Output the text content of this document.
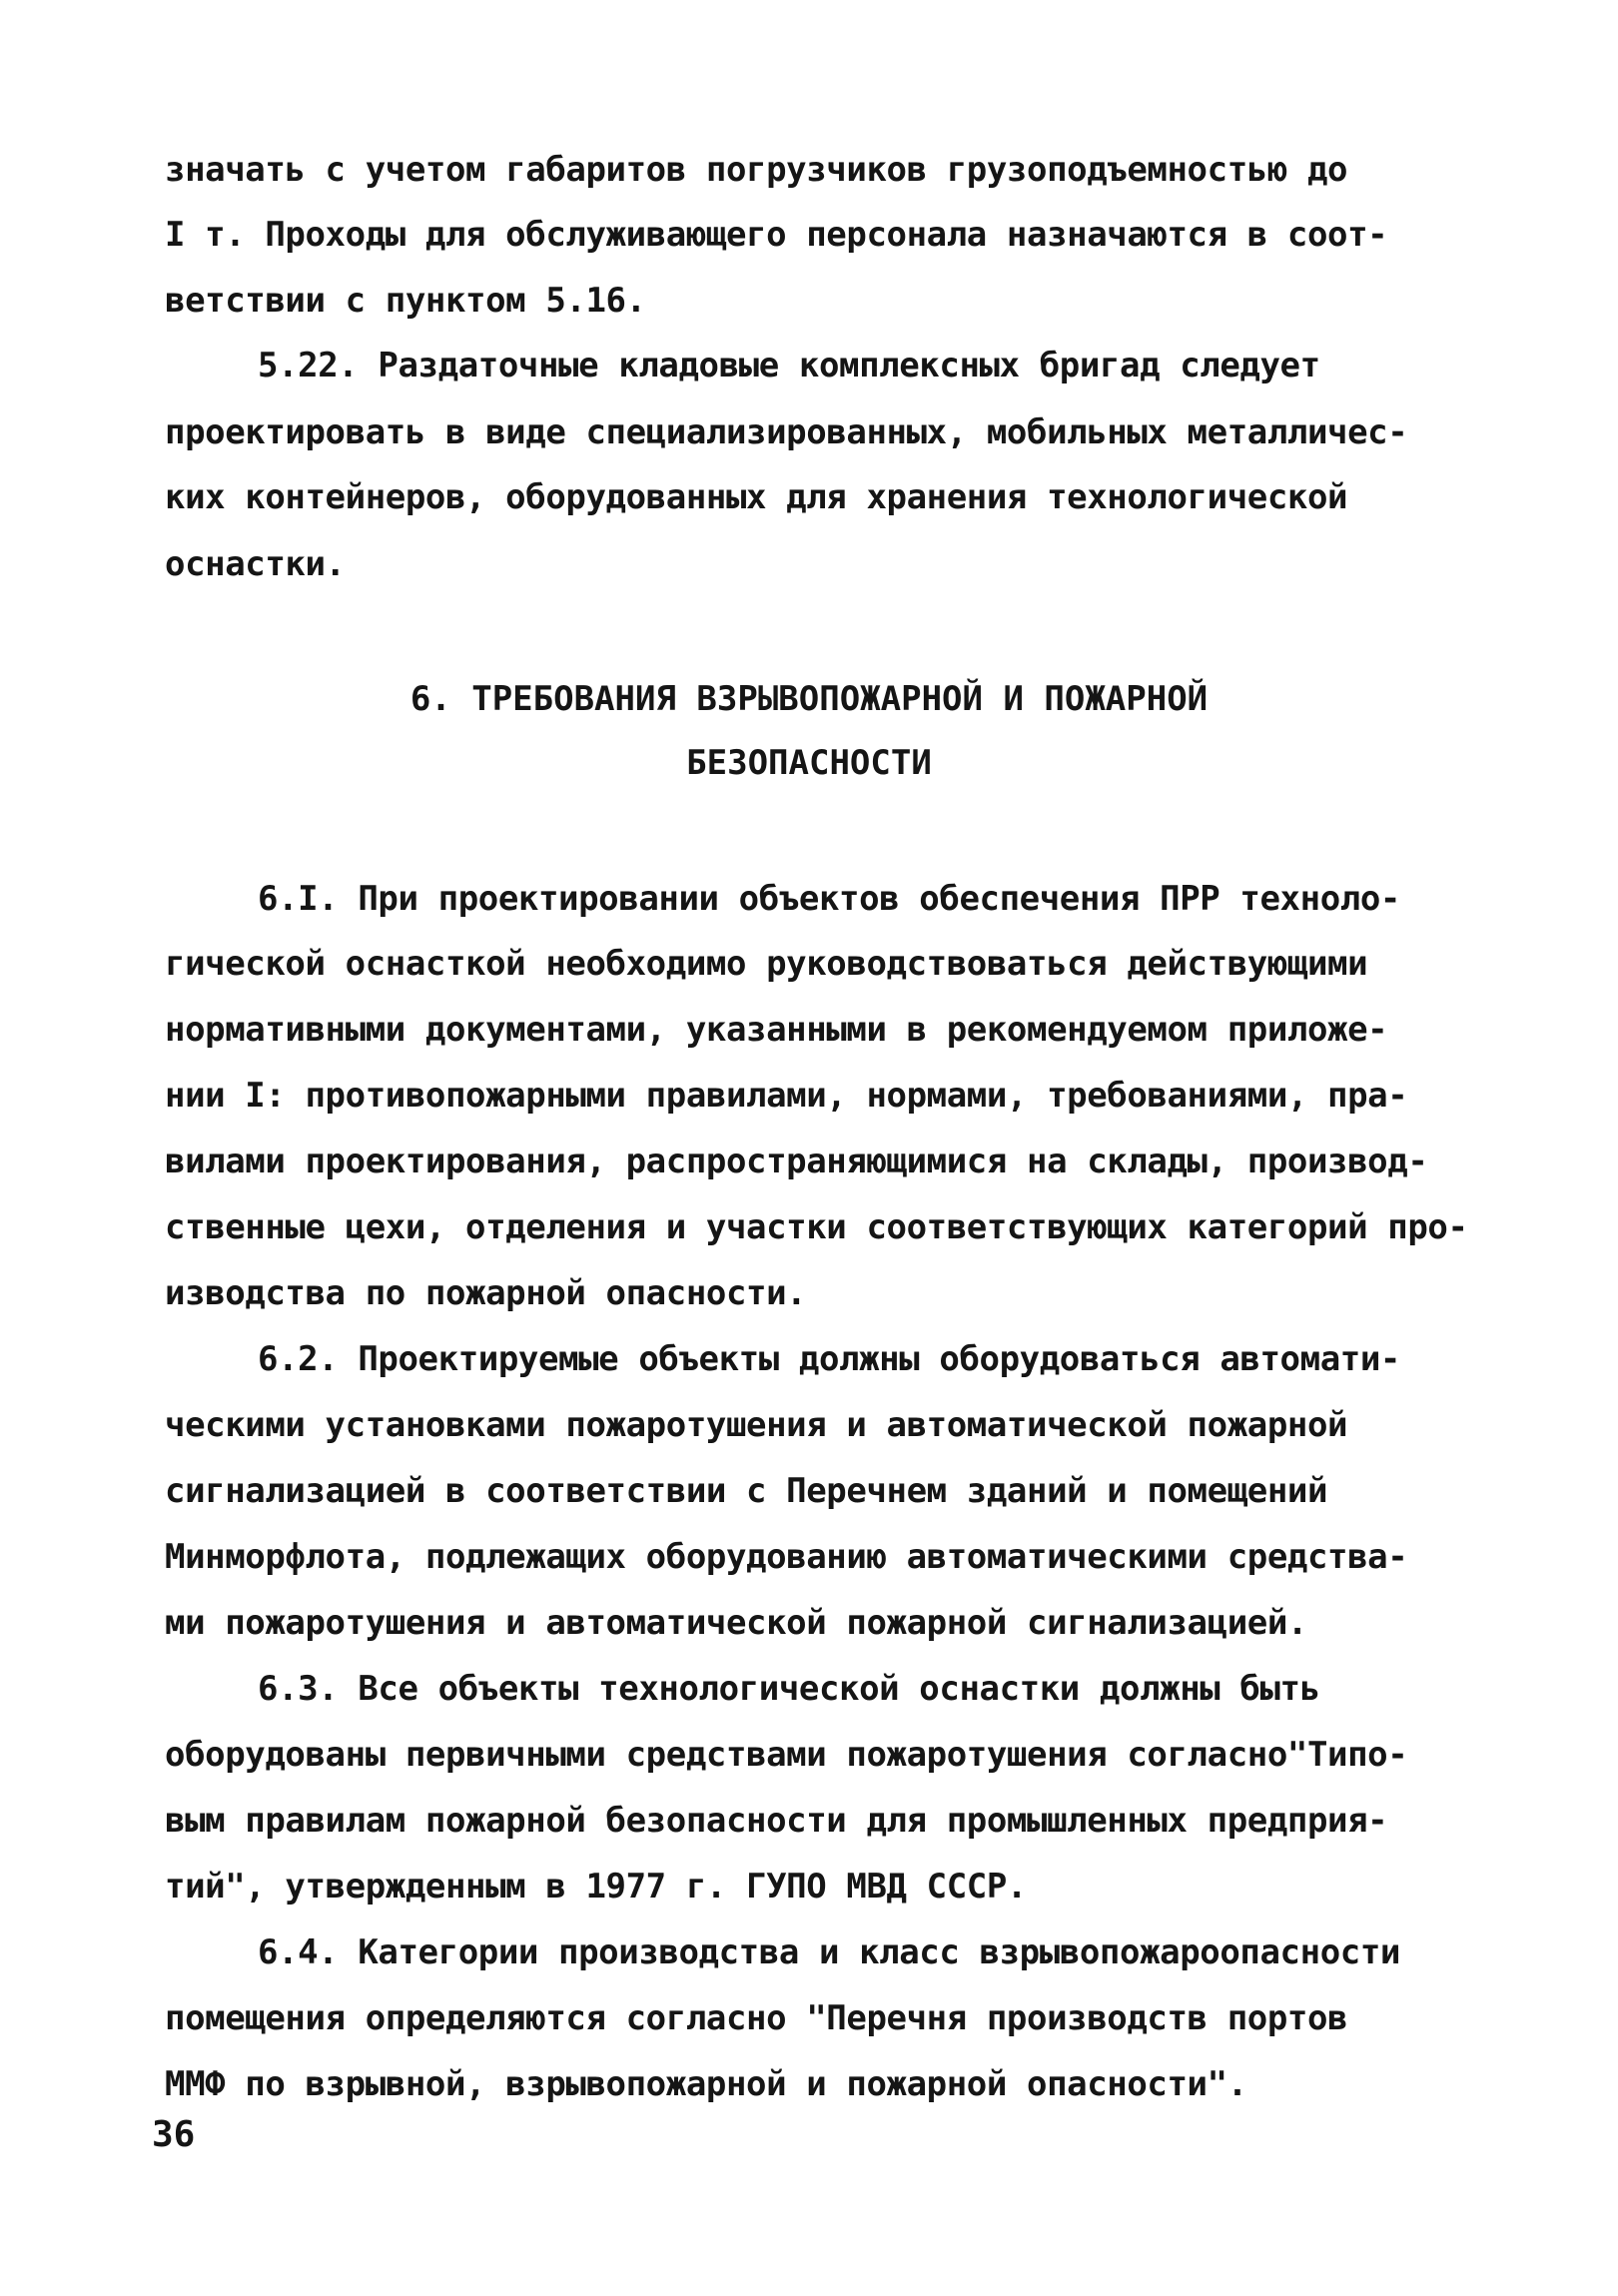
значать с учетом габаритов погрузчиков грузоподъемностью до
I т. Проходы для обслуживающего персонала назначаются в соот-
ветствии с пунктом 5.16.
5.22. Раздаточные кладовые комплексных бригад следует
проектировать в виде специализированных, мобильных металличес-
ких контейнеров, оборудованных для хранения технологической
оснастки.
6. ТРЕБОВАНИЯ ВЗРЫВОПОЖАРНОЙ И ПОЖАРНОЙ
БЕЗОПАСНОСТИ
6.I. При проектировании объектов обеспечения ПРР техноло-
гической оснасткой необходимо руководствоваться действующими
нормативными документами, указанными в рекомендуемом приложе-
нии I: противопожарными правилами, нормами, требованиями, пра-
вилами проектирования, распространяющимися на склады, производ-
ственные цехи, отделения и участки соответствующих категорий про-
изводства по пожарной опасности.
6.2. Проектируемые объекты должны оборудоваться автомати-
ческими установками пожаротушения и автоматической пожарной
сигнализацией в соответствии с Перечнем зданий и помещений
Минморфлота, подлежащих оборудованию автоматическими средства-
ми пожаротушения и автоматической пожарной сигнализацией.
6.3. Все объекты технологической оснастки должны быть
оборудованы первичными средствами пожаротушения согласно"Типо-
вым правилам пожарной безопасности для промышленных предприя-
тий", утвержденным в 1977 г. ГУПО МВД СССР.
6.4. Категории производства и класс взрывопожароопасности
помещения определяются согласно "Перечня производств портов
ММФ по взрывной, взрывопожарной и пожарной опасности".
36
